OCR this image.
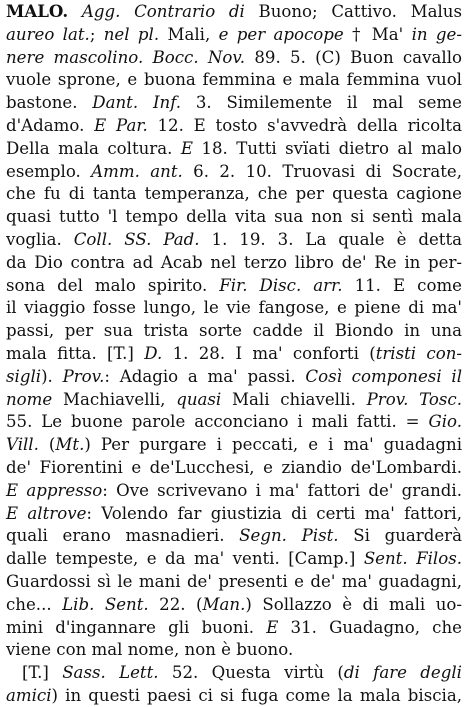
MALO. Agg. Contrario di Buono; Cattivo. Malus
aureo lat.; nel pl. Mali, e per apocope † Ma' in ge-
nere mascolino. Bocc. Nov. 89. 5. (C) Buon cavallo
vuole sprone, e buona femmina e mala femmina vuol
bastone. Dant. Inf. 3. Similemente il mal seme
d'Adamo. E Par. 12. E tosto s'avvedrà della ricolta
Della mala coltura. E 18. Tutti svïati dietro al malo
esemplo. Amm. ant. 6. 2. 10. Truovasi di Socrate,
che fu di tanta temperanza, che per questa cagione
quasi tutto 'l tempo della vita sua non si sentì mala
voglia. Coll. SS. Pad. 1. 19. 3. La quale è detta
da Dio contra ad Acab nel terzo libro de' Re in per-
sona del malo spirito. Fir. Disc. arr. 11. E come
il viaggio fosse lungo, le vie fangose, e piene di ma'
passi, per sua trista sorte cadde il Biondo in una
mala fitta. [T.] D. 1. 28. I ma' conforti (tristi con-
sigli). Prov.: Adagio a ma' passi. Così componesi il
nome Machiavelli, quasi Mali chiavelli. Prov. Tosc.
55. Le buone parole acconciano i mali fatti. = Gio.
Vill. (Mt.) Per purgare i peccati, e i ma' guadagni
de' Fiorentini e de'Lucchesi, e ziandio de'Lombardi.
E appresso: Ove scrivevano i ma' fattori de' grandi.
E altrove: Volendo far giustizia di certi ma' fattori,
quali erano masnadieri. Segn. Pist. Si guarderà
dalle tempeste, e da ma' venti. [Camp.] Sent. Filos.
Guardossi sì le mani de' presenti e de' ma' guadagni,
che... Lib. Sent. 22. (Man.) Sollazzo è di mali uo-
mini d'ingannare gli buoni. E 31. Guadagno, che
viene con mal nome, non è buono.
[T.] Sass. Lett. 52. Questa virtù (di fare degli
amici) in questi paesi ci si fuga come la mala biscia,
